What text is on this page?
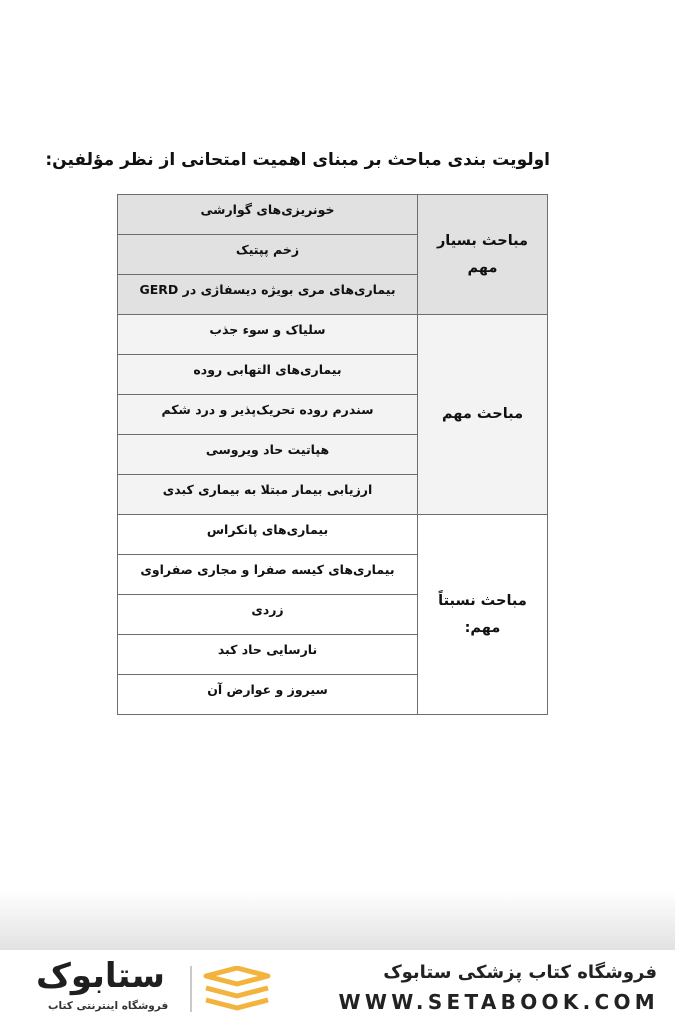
اولویت بندی مباحث بر مبنای اهمیت امتحانی از نظر مؤلفین:
مباحث بسیار مهم	خونریزی‌های گوارشی
	زخم پپتیک
	بیماری‌های مری بویژه دیسفاژی در GERD
مباحث مهم	سلیاک و سوء جذب
	بیماری‌های التهابی روده
	سندرم روده تحریک‌پذیر و درد شکم
	هپاتیت حاد ویروسی
	ارزیابی بیمار مبتلا به بیماری کبدی
مباحث نسبتاً مهم:	بیماری‌های پانکراس
	بیماری‌های کیسه صفرا و مجاری صفراوی
	زردی
	نارسایی حاد کبد
	سیروز و عوارض آن
ستابوک
فروشگاه اینترنتی کتاب
فروشگاه کتاب پزشکی ستابوک
WWW.SETABOOK.COM
